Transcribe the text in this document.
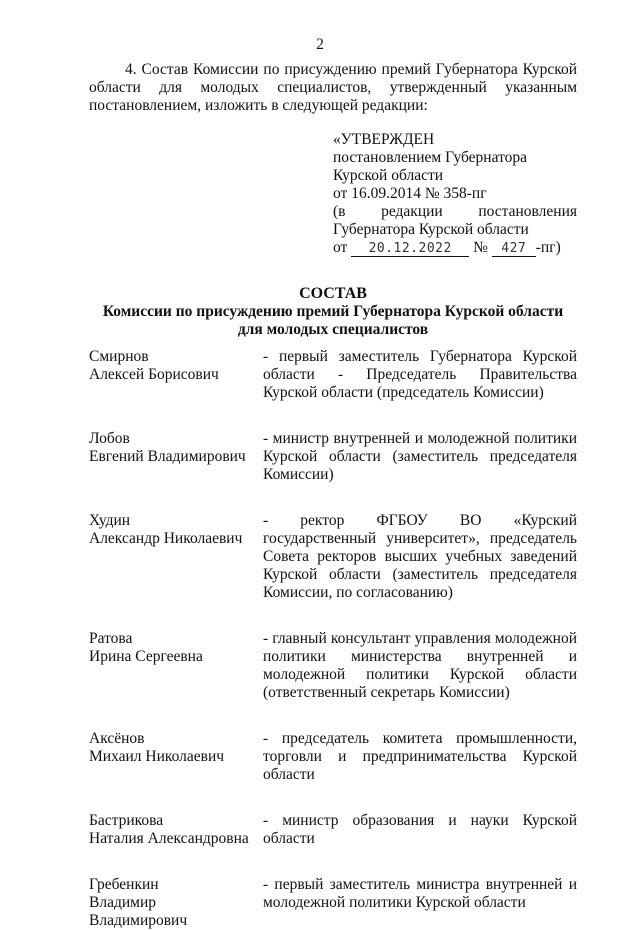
2
4. Состав Комиссии по присуждению премий Губернатора Курской области для молодых специалистов, утвержденный указанным постановлением, изложить в следующей редакции:
«УТВЕРЖДЕН
постановлением Губернатора
Курской области
от 16.09.2014 № 358-пг
(в редакции постановления
Губернатора Курской области
от 20.12.2022 № 427 -пг)
СОСТАВ
Комиссии по присуждению премий Губернатора Курской области
для молодых специалистов
Смирнов
Алексей Борисович
- первый заместитель Губернатора Курской области - Председатель Правительства Курской области (председатель Комиссии)
Лобов
Евгений Владимирович
- министр внутренней и молодежной политики Курской области (заместитель председателя Комиссии)
Худин
Александр Николаевич
- ректор ФГБОУ ВО «Курский государственный университет», председатель Совета ректоров высших учебных заведений Курской области (заместитель председателя Комиссии, по согласованию)
Ратова
Ирина Сергеевна
- главный консультант управления молодежной политики министерства внутренней и молодежной политики Курской области (ответственный секретарь Комиссии)
Аксёнов
Михаил Николаевич
- председатель комитета промышленности, торговли и предпринимательства Курской области
Бастрикова
Наталия Александровна
- министр образования и науки Курской области
Гребенкин
Владимир Владимирович
- первый заместитель министра внутренней и молодежной политики Курской области
